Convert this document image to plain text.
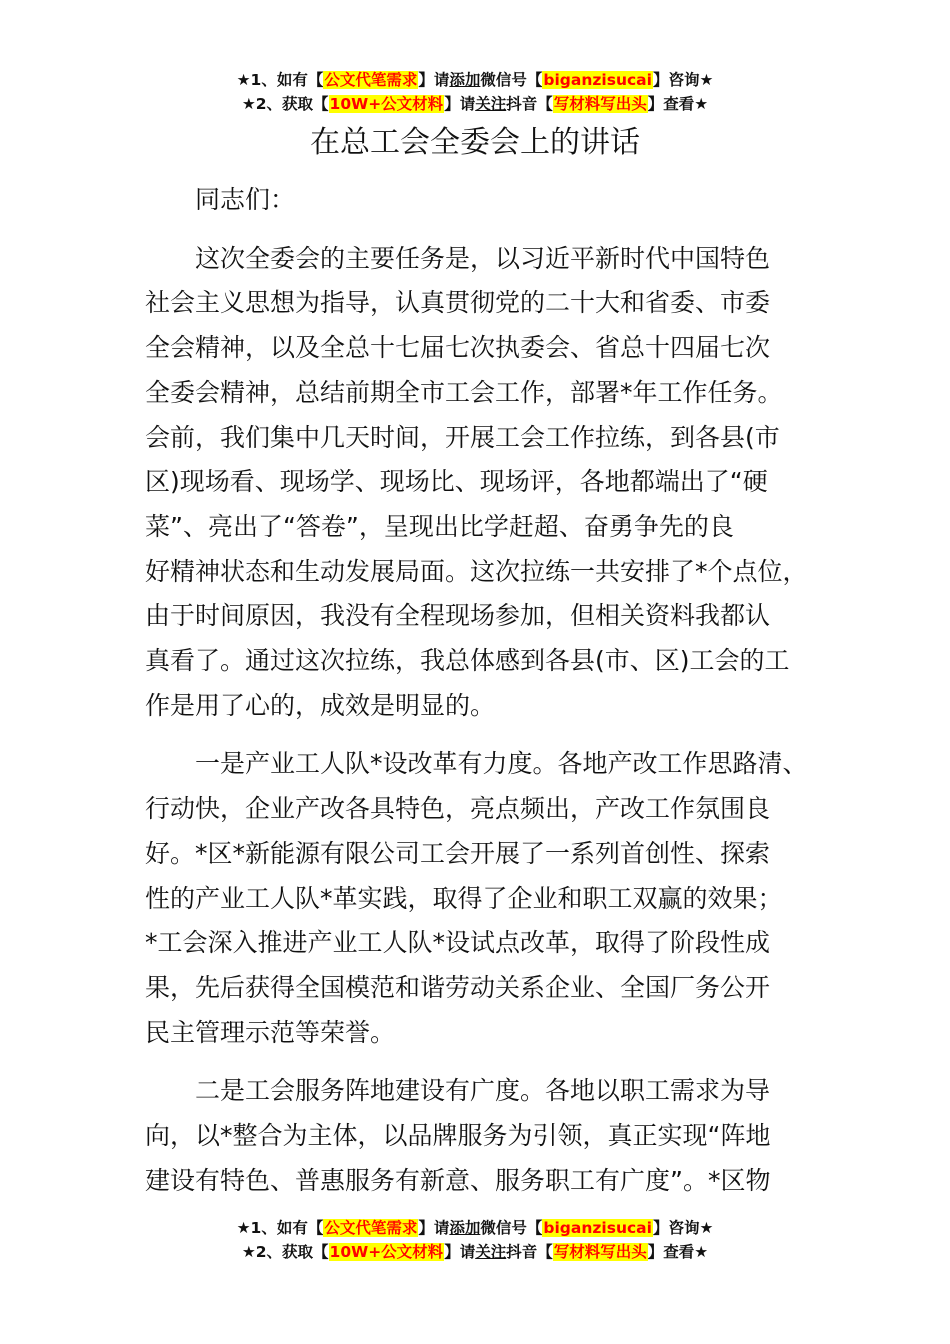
★1、如有【公文代笔需求】请添加微信号【biganzisucai】咨询★
★2、获取【10W+公文材料】请关注抖音【写材料写出头】查看★
在总工会全委会上的讲话

同志们：

这次全委会的主要任务是，以习近平新时代中国特色
社会主义思想为指导，认真贯彻党的二十大和省委、市委
全会精神，以及全总十七届七次执委会、省总十四届七次
全委会精神，总结前期全市工会工作，部署*年工作任务。
会前，我们集中几天时间，开展工会工作拉练，到各县(市
区)现场看、现场学、现场比、现场评，各地都端出了“硬
菜”、亮出了“答卷”，呈现出比学赶超、奋勇争先的良
好精神状态和生动发展局面。这次拉练一共安排了*个点位，
由于时间原因，我没有全程现场参加，但相关资料我都认
真看了。通过这次拉练，我总体感到各县(市、区)工会的工
作是用了心的，成效是明显的。
一是产业工人队*设改革有力度。各地产改工作思路清、
行动快，企业产改各具特色，亮点频出，产改工作氛围良
好。*区*新能源有限公司工会开展了一系列首创性、探索
性的产业工人队*革实践，取得了企业和职工双赢的效果；
*工会深入推进产业工人队*设试点改革，取得了阶段性成
果，先后获得全国模范和谐劳动关系企业、全国厂务公开
民主管理示范等荣誉。
二是工会服务阵地建设有广度。各地以职工需求为导
向，以*整合为主体，以品牌服务为引领，真正实现“阵地
建设有特色、普惠服务有新意、服务职工有广度”。*区物
★1、如有【公文代笔需求】请添加微信号【biganzisucai】咨询★
★2、获取【10W+公文材料】请关注抖音【写材料写出头】查看★
